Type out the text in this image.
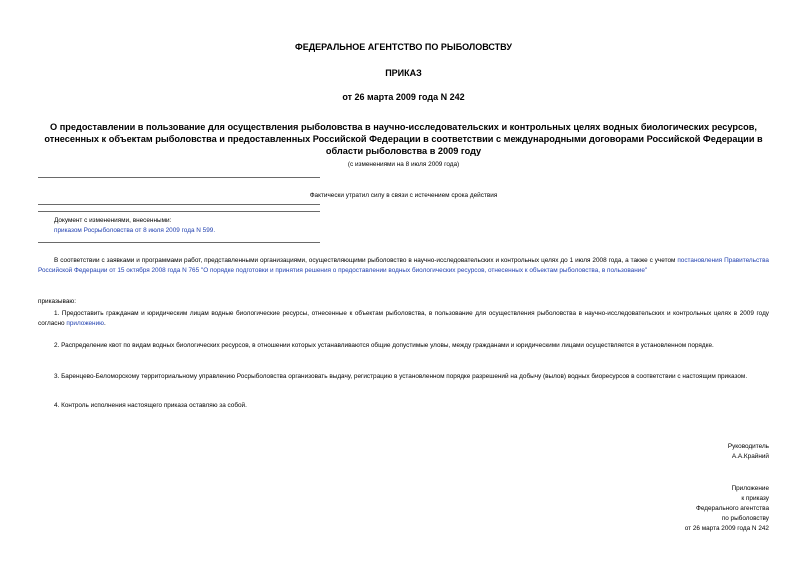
ФЕДЕРАЛЬНОЕ АГЕНТСТВО ПО РЫБОЛОВСТВУ
ПРИКАЗ
от 26 марта 2009 года N 242
О предоставлении в пользование для осуществления рыболовства в научно-исследовательских и контрольных целях водных биологических ресурсов, отнесенных к объектам рыболовства и предоставленных Российской Федерации в соответствии с международными договорами Российской Федерации в области рыболовства в 2009 году
(с изменениями на 8 июля 2009 года)
Фактически утратил силу в связи с истечением срока действия
Документ с изменениями, внесенными:
приказом Росрыболовства от 8 июля 2009 года N 599.
В соответствии с заявками и программами работ, представленными организациями, осуществляющими рыболовство в научно-исследовательских и контрольных целях до 1 июля 2008 года, а также с учетом постановления Правительства Российской Федерации от 15 октября 2008 года N 765 "О порядке подготовки и принятия решения о предоставлении водных биологических ресурсов, отнесенных к объектам рыболовства, в пользование"
приказываю:
1. Предоставить гражданам и юридическим лицам водные биологические ресурсы, отнесенные к объектам рыболовства, в пользование для осуществления рыболовства в научно-исследовательских и контрольных целях в 2009 году согласно приложению.
2. Распределение квот по видам водных биологических ресурсов, в отношении которых устанавливаются общие допустимые уловы, между гражданами и юридическими лицами осуществляется в установленном порядке.
3. Баренцево-Беломорскому территориальному управлению Росрыболовства организовать выдачу, регистрацию в установленном порядке разрешений на добычу (вылов) водных биоресурсов в соответствии с настоящим приказом.
4. Контроль исполнения настоящего приказа оставляю за собой.
Руководитель
А.А.Крайний
Приложение
к приказу
Федерального агентства
по рыболовству
от 26 марта 2009 года N 242
